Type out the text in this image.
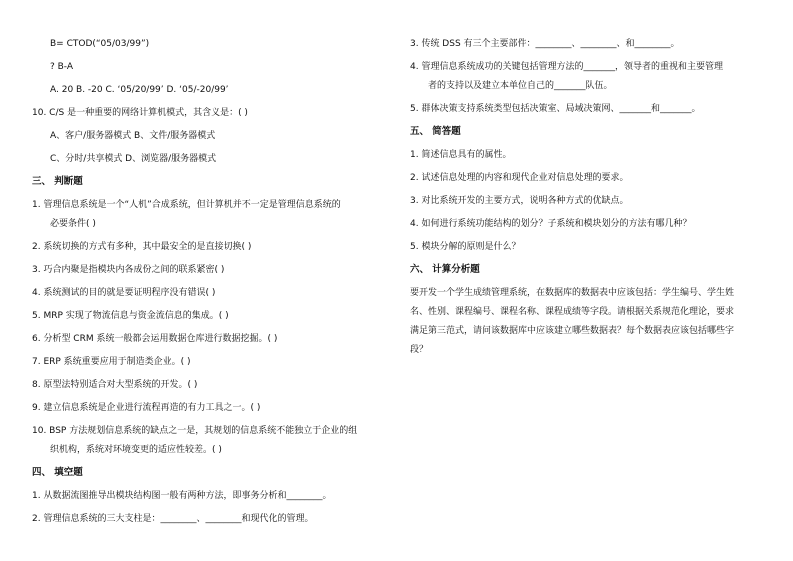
B= CTOD(“05/03/99”)
? B-A
A. 20 B. -20 C. ‘05/20/99’ D. ‘05/-20/99’
10. C/S 是一种重要的网络计算机模式，其含义是：( )
A、客户/服务器模式 B、文件/服务器模式
C、分时/共享模式 D、浏览器/服务器模式
三、 判断题
1. 管理信息系统是一个“人机”合成系统，但计算机并不一定是管理信息系统的
必要条件( )
2. 系统切换的方式有多种，其中最安全的是直接切换( )
3. 巧合内聚是指模块内各成份之间的联系紧密( )
4. 系统测试的目的就是要证明程序没有错误( )
5. MRP 实现了物流信息与资金流信息的集成。( )
6. 分析型 CRM 系统一般都会运用数据仓库进行数据挖掘。( )
7. ERP 系统重要应用于制造类企业。( )
8. 原型法特别适合对大型系统的开发。( )
9. 建立信息系统是企业进行流程再造的有力工具之一。( )
10. BSP 方法规划信息系统的缺点之一是，其规划的信息系统不能独立于企业的组
织机构，系统对环境变更的适应性较差。( )
四、 填空题
1. 从数据流图推导出模块结构图一般有两种方法，即事务分析和________。
2. 管理信息系统的三大支柱是：________、________和现代化的管理。
3. 传统 DSS 有三个主要部件：________、________、和________。
4. 管理信息系统成功的关键包括管理方法的_______，领导者的重视和主要管理
者的支持以及建立本单位自己的_______队伍。
5. 群体决策支持系统类型包括决策室、局域决策网、_______和_______。
五、 简答题
1. 简述信息具有的属性。
2. 试述信息处理的内容和现代企业对信息处理的要求。
3. 对比系统开发的主要方式，说明各种方式的优缺点。
4. 如何进行系统功能结构的划分？子系统和模块划分的方法有哪几种？
5. 模块分解的原则是什么？
六、 计算分析题
要开发一个学生成绩管理系统，在数据库的数据表中应该包括：学生编号、学生姓
名、性别、课程编号、课程名称、课程成绩等字段。请根据关系规范化理论，要求
满足第三范式，请问该数据库中应该建立哪些数据表？每个数据表应该包括哪些字
段？
